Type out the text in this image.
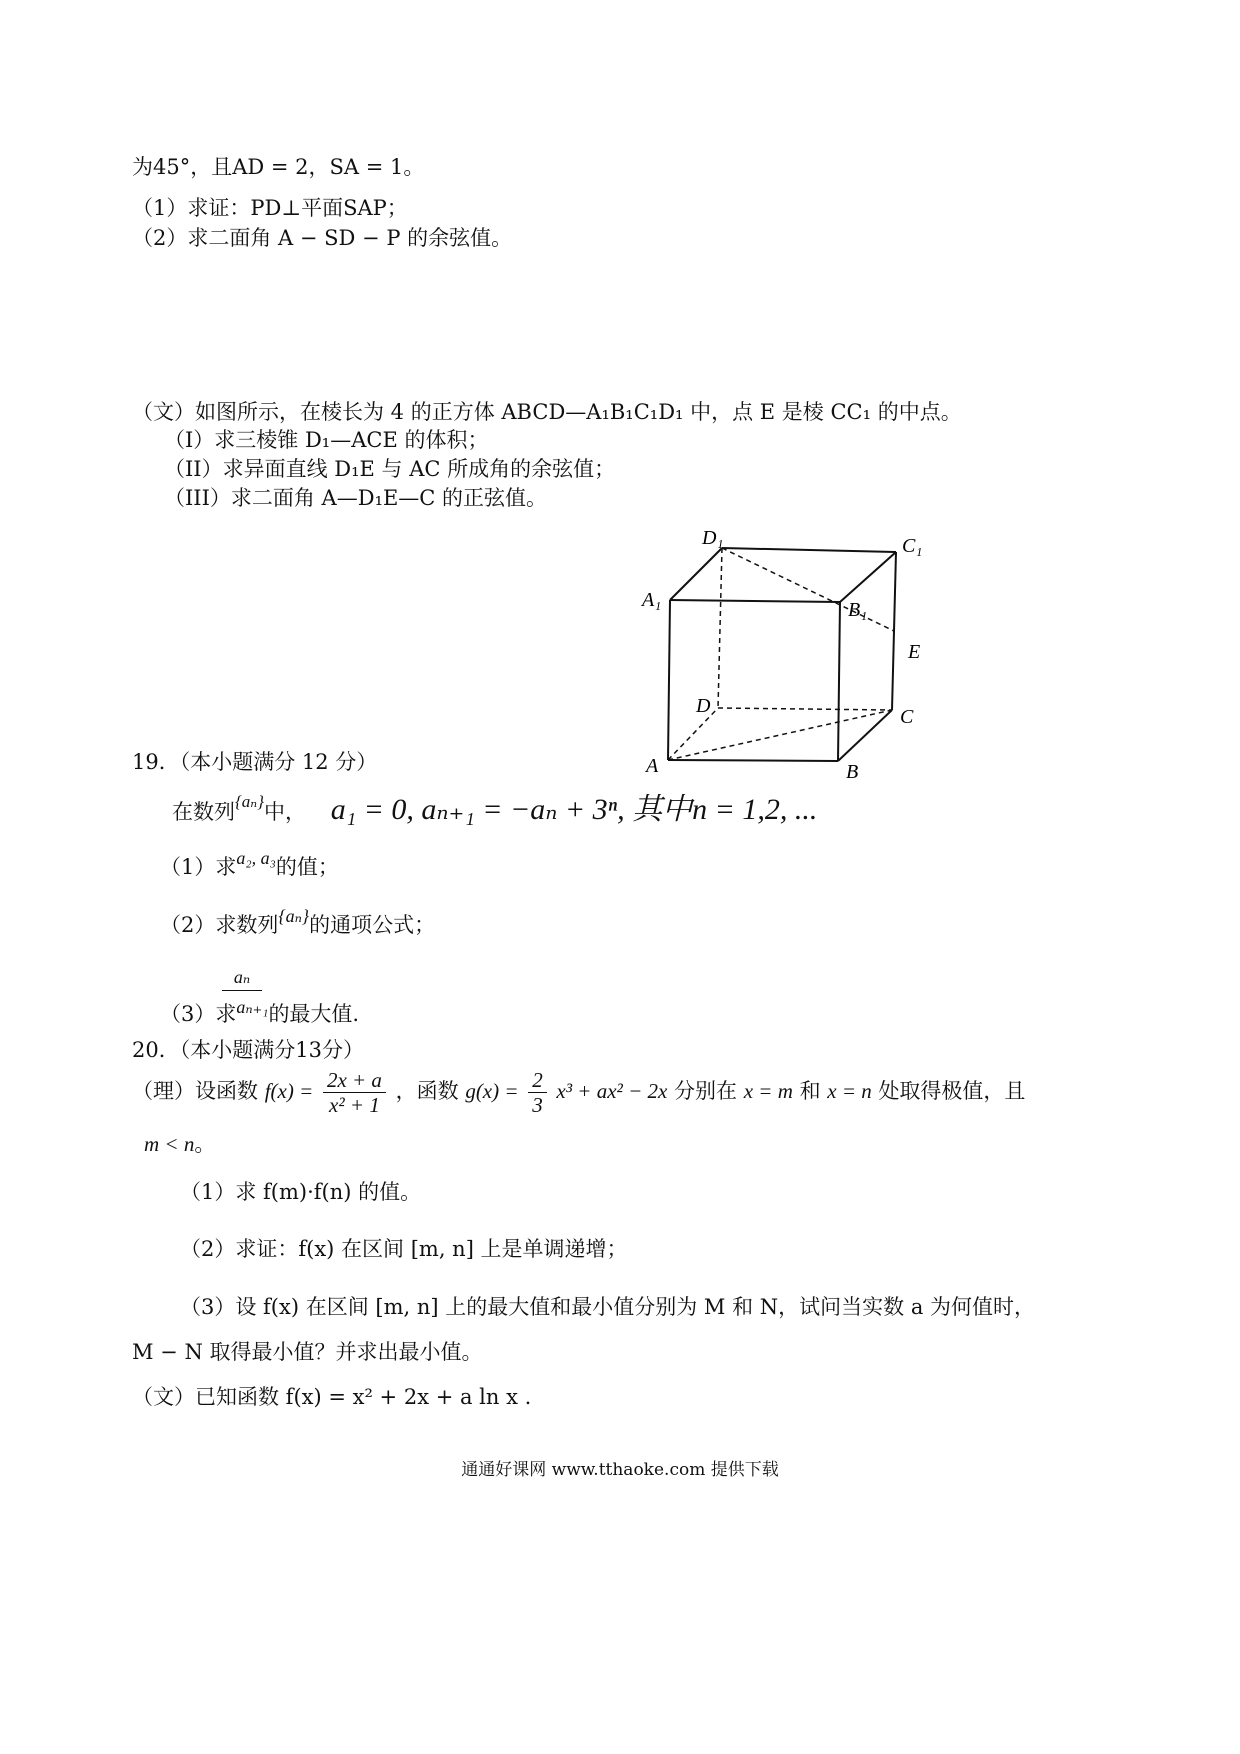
为45°，且AD = 2，SA = 1。
（1）求证：PD⊥平面SAP；
（2）求二面角 A − SD − P 的余弦值。
（文）如图所示，在棱长为 4 的正方体 ABCD—A₁B₁C₁D₁ 中，点 E 是棱 CC₁ 的中点。
（I）求三棱锥 D₁—ACE 的体积；
（II）求异面直线 D₁E 与 AC 所成角的余弦值；
（III）求二面角 A—D₁E—C 的正弦值。
D₁	C₁
A₁	B₁
E
D	C
A	B
19．（本小题满分 12 分）
在数列$^{\{a_n\}}$中， a₁ = 0, aₙ₊₁ = −aₙ + 3ⁿ, 其中n = 1,2, ...
（1）求a₂, a₃的值；
（2）求数列{aₙ}的通项公式；
aₙ
（3）求aₙ₊₁的最大值.
20．（本小题满分13分）
（理）设函数 $f(x) = \frac{2x + a}{\text{x² + 1}}$ ，函数 $g(x) = \frac{2}{3} x^3 + ax^2 - 2x$ 分别在 x = m 和 x = n 处取得极值，且
m < n。
（1）求 f(m)·f(n) 的值。
（2）求证：f(x) 在区间 [m, n] 上是单调递增；
（3）设 f(x) 在区间 [m, n] 上的最大值和最小值分别为 M 和 N，试问当实数 a 为何值时，
M − N 取得最小值？并求出最小值。
（文）已知函数 f(x) = x² + 2x + a ln x .
通通好课网 www.tthaoke.com 提供下载
